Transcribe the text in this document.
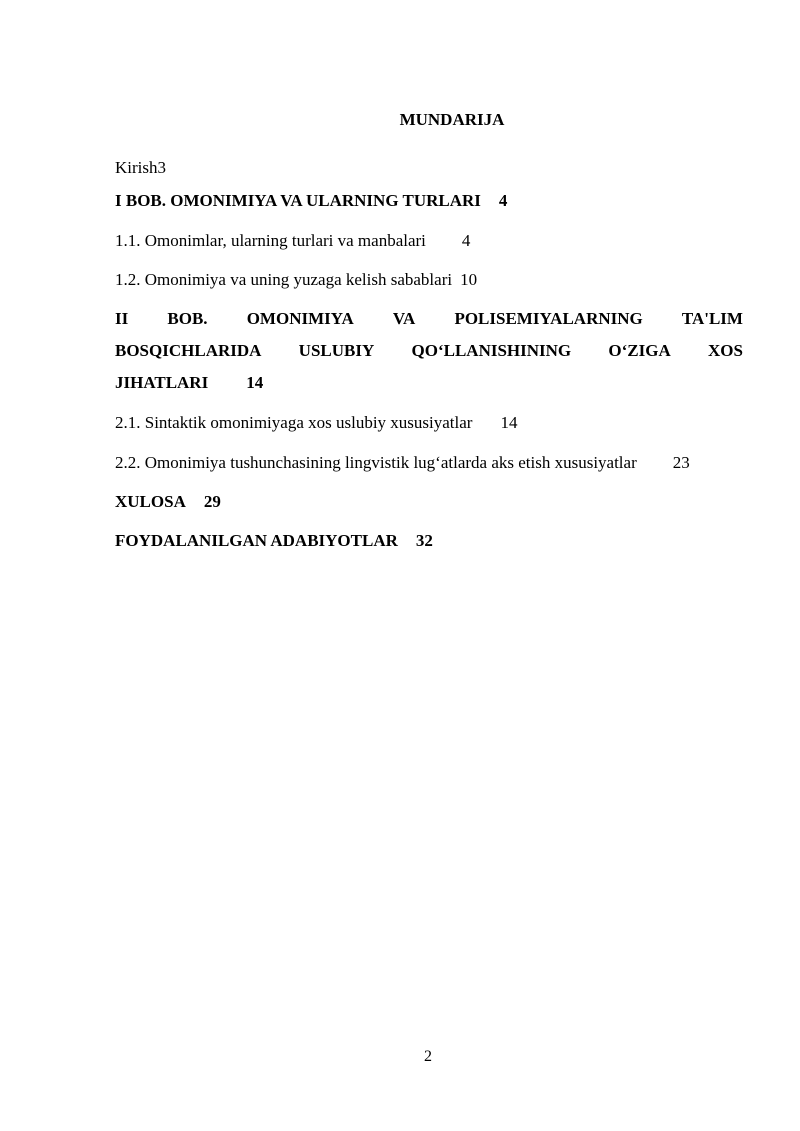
MUNDARIJA
Kirish3
I BOB. OMONIMIYA VA ULARNING TURLARI 4
1.1. Omonimlar, ularning turlari va manbalari 4
1.2. Omonimiya va uning yuzaga kelish sabablari 10
II BOB. OMONIMIYA VA POLISEMIYALARNING TA'LIM
BOSQICHLARIDA USLUBIY QO‘LLANISHINING O‘ZIGA XOS
JIHATLARI 14
2.1. Sintaktik omonimiyaga xos uslubiy xususiyatlar 14
2.2. Omonimiya tushunchasining lingvistik lug‘atlarda aks etish xususiyatlar 23
XULOSA 29
FOYDALANILGAN ADABIYOTLAR 32
2
